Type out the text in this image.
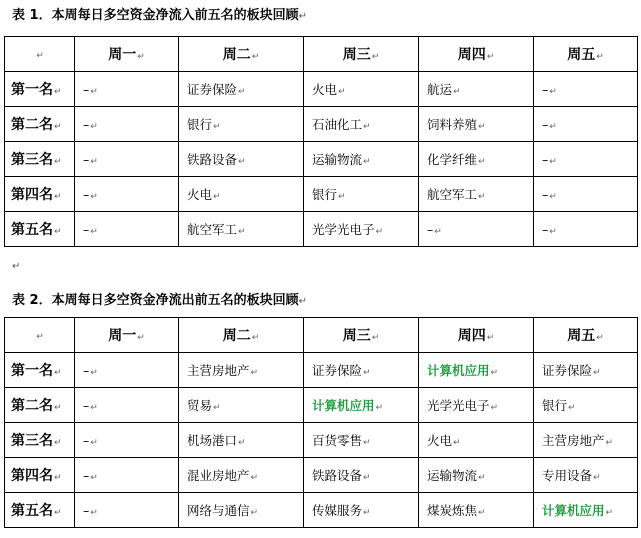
表 1．本周每日多空资金净流入前五名的板块回顾↵
↵	周一↵	周二↵	周三↵	周四↵	周五↵
第一名↵	–↵	证券保险↵	火电↵	航运↵	–↵
第二名↵	–↵	银行↵	石油化工↵	饲料养殖↵	–↵
第三名↵	–↵	铁路设备↵	运输物流↵	化学纤维↵	–↵
第四名↵	–↵	火电↵	银行↵	航空军工↵	–↵
第五名↵	–↵	航空军工↵	光学光电子↵	–↵	–↵
↵
表 2．本周每日多空资金净流出前五名的板块回顾↵
↵	周一↵	周二↵	周三↵	周四↵	周五↵
第一名↵	–↵	主营房地产↵	证券保险↵	计算机应用↵	证券保险↵
第二名↵	–↵	贸易↵	计算机应用↵	光学光电子↵	银行↵
第三名↵	–↵	机场港口↵	百货零售↵	火电↵	主营房地产↵
第四名↵	–↵	混业房地产↵	铁路设备↵	运输物流↵	专用设备↵
第五名↵	–↵	网络与通信↵	传媒服务↵	煤炭炼焦↵	计算机应用↵
